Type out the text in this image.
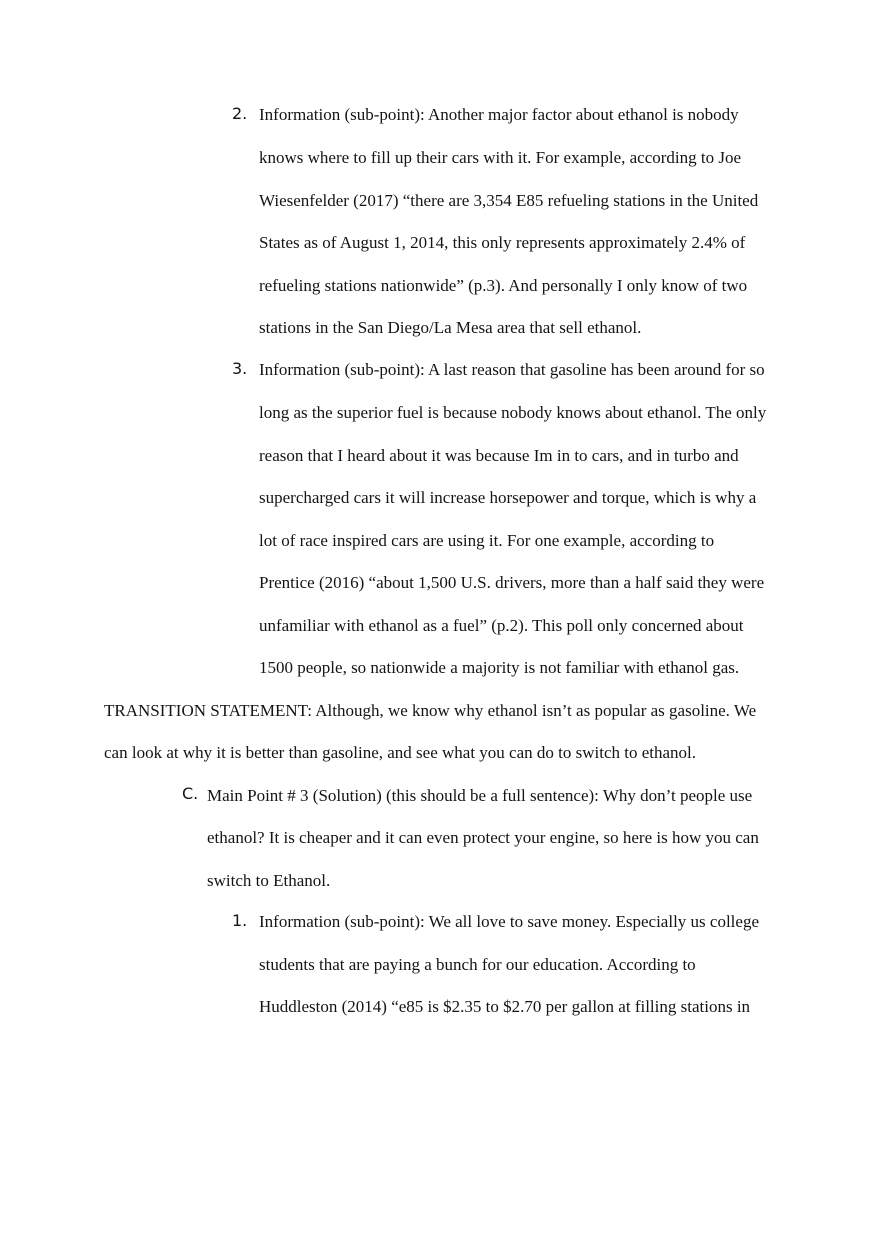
2. Information (sub-point): Another major factor about ethanol is nobody
knows where to fill up their cars with it. For example, according to Joe
Wiesenfelder (2017) “there are 3,354 E85 refueling stations in the United
States as of August 1, 2014, this only represents approximately 2.4% of
refueling stations nationwide” (p.3). And personally I only know of two
stations in the San Diego/La Mesa area that sell ethanol.
3. Information (sub-point): A last reason that gasoline has been around for so
long as the superior fuel is because nobody knows about ethanol. The only
reason that I heard about it was because Im in to cars, and in turbo and
supercharged cars it will increase horsepower and torque, which is why a
lot of race inspired cars are using it. For one example, according to
Prentice (2016) “about 1,500 U.S. drivers, more than a half said they were
unfamiliar with ethanol as a fuel” (p.2). This poll only concerned about
1500 people, so nationwide a majority is not familiar with ethanol gas.
TRANSITION STATEMENT: Although, we know why ethanol isn’t as popular as gasoline. We
can look at why it is better than gasoline, and see what you can do to switch to ethanol.
C. Main Point # 3 (Solution) (this should be a full sentence): Why don’t people use
ethanol? It is cheaper and it can even protect your engine, so here is how you can
switch to Ethanol.
1. Information (sub-point): We all love to save money. Especially us college
students that are paying a bunch for our education. According to
Huddleston (2014) “e85 is $2.35 to $2.70 per gallon at filling stations in
